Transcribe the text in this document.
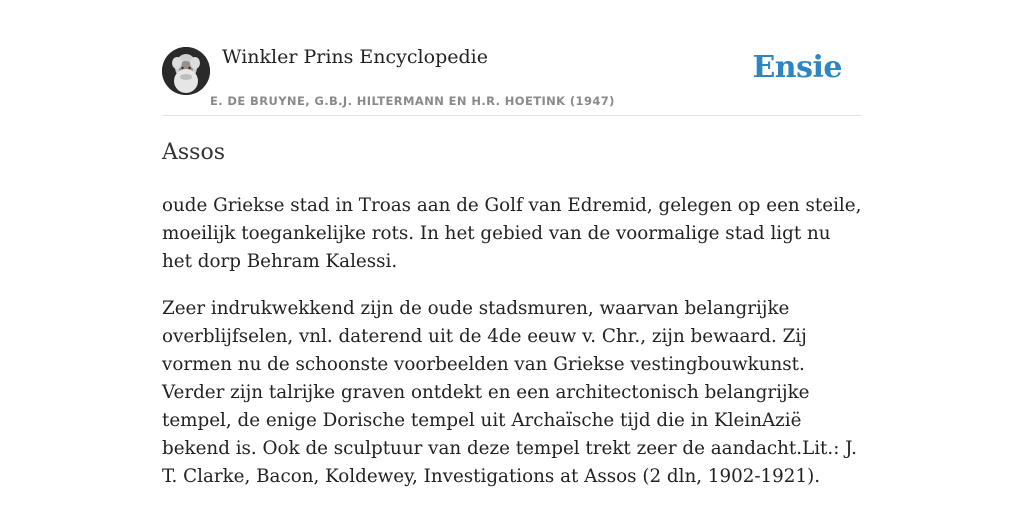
Winkler Prins Encyclopedie
E. DE BRUYNE, G.B.J. HILTERMANN EN H.R. HOETINK (1947)
Ensie
Assos

oude Griekse stad in Troas aan de Golf van Edremid, gelegen op een steile, moeilijk toegankelijke rots. In het gebied van de voormalige stad ligt nu het dorp Behram Kalessi.

Zeer indrukwekkend zijn de oude stadsmuren, waarvan belangrijke overblijfselen, vnl. daterend uit de 4de eeuw v. Chr., zijn bewaard. Zij vormen nu de schoonste voorbeelden van Griekse vestingbouwkunst. Verder zijn talrijke graven ontdekt en een architectonisch belangrijke tempel, de enige Dorische tempel uit Archaïsche tijd die in KleinAzië bekend is. Ook de sculptuur van deze tempel trekt zeer de aandacht.Lit.: J. T. Clarke, Bacon, Koldewey, Investigations at Assos (2 dln, 1902-1921).
